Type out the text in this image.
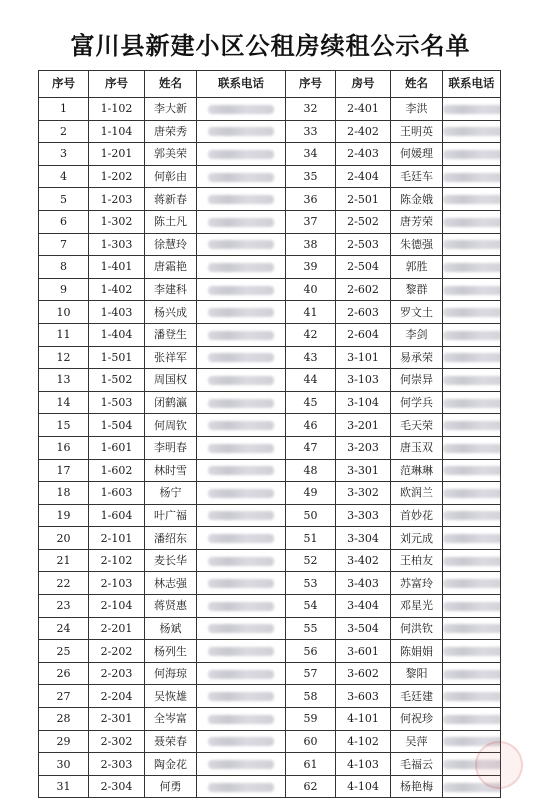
富川县新建小区公租房续租公示名单
序号	序号	姓名	联系电话	序号	房号	姓名	联系电话
1	1-102	李大新		32	2-401	李洪	
2	1-104	唐荣秀		33	2-402	王明英	
3	1-201	郭美荣		34	2-403	何媛理	
4	1-202	何彰由		35	2-404	毛廷车	
5	1-203	蒋新春		36	2-501	陈金娥	
6	1-302	陈土凡		37	2-502	唐芳荣	
7	1-303	徐慧玲		38	2-503	朱德强	
8	1-401	唐霜艳		39	2-504	郭胜	
9	1-402	李建科		40	2-602	黎群	
10	1-403	杨兴成		41	2-603	罗文土	
11	1-404	潘登生		42	2-604	李剑	
12	1-501	张祥军		43	3-101	易承荣	
13	1-502	周国权		44	3-103	何崇异	
14	1-503	闭鹤瀛		45	3-104	何学兵	
15	1-504	何周钦		46	3-201	毛天荣	
16	1-601	李明春		47	3-203	唐玉双	
17	1-602	林时雪		48	3-301	范琳琳	
18	1-603	杨宁		49	3-302	欧润兰	
19	1-604	叶广福		50	3-303	首妙花	
20	2-101	潘绍东		51	3-304	刘元成	
21	2-102	麦长华		52	3-402	王柏友	
22	2-103	林志强		53	3-403	苏富玲	
23	2-104	蒋贤惠		54	3-404	邓星光	
24	2-201	杨斌		55	3-504	何洪钦	
25	2-202	杨列生		56	3-601	陈娟娟	
26	2-203	何海琼		57	3-602	黎阳	
27	2-204	吴恢雄		58	3-603	毛廷建	
28	2-301	全岑富		59	4-101	何祝珍	
29	2-302	聂荣春		60	4-102	吴萍	
30	2-303	陶金花		61	4-103	毛福云	
31	2-304	何勇		62	4-104	杨艳梅	
